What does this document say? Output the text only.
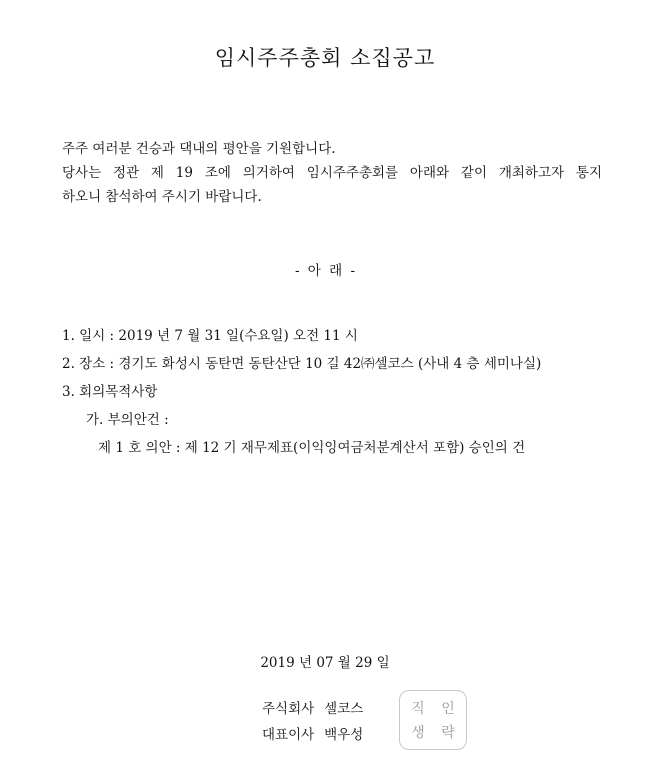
임시주주총회 소집공고
주주 여러분 건승과 댁내의 평안을 기원합니다.
당사는 정관 제 19 조에 의거하여 임시주주총회를 아래와 같이 개최하고자 통지
하오니 참석하여 주시기 바랍니다.
- 아 래 -
1. 일시 : 2019 년 7 월 31 일(수요일) 오전 11 시
2. 장소 : 경기도 화성시 동탄면 동탄산단 10 길 42㈜셀코스 (사내 4 층 세미나실)
3. 회의목적사항
가. 부의안건 :
제 1 호 의안 : 제 12 기 재무제표(이익잉여금처분계산서 포함) 승인의 건
2019 년 07 월 29 일
주식회사 셀코스
대표이사 백우성
직 인
생 략
